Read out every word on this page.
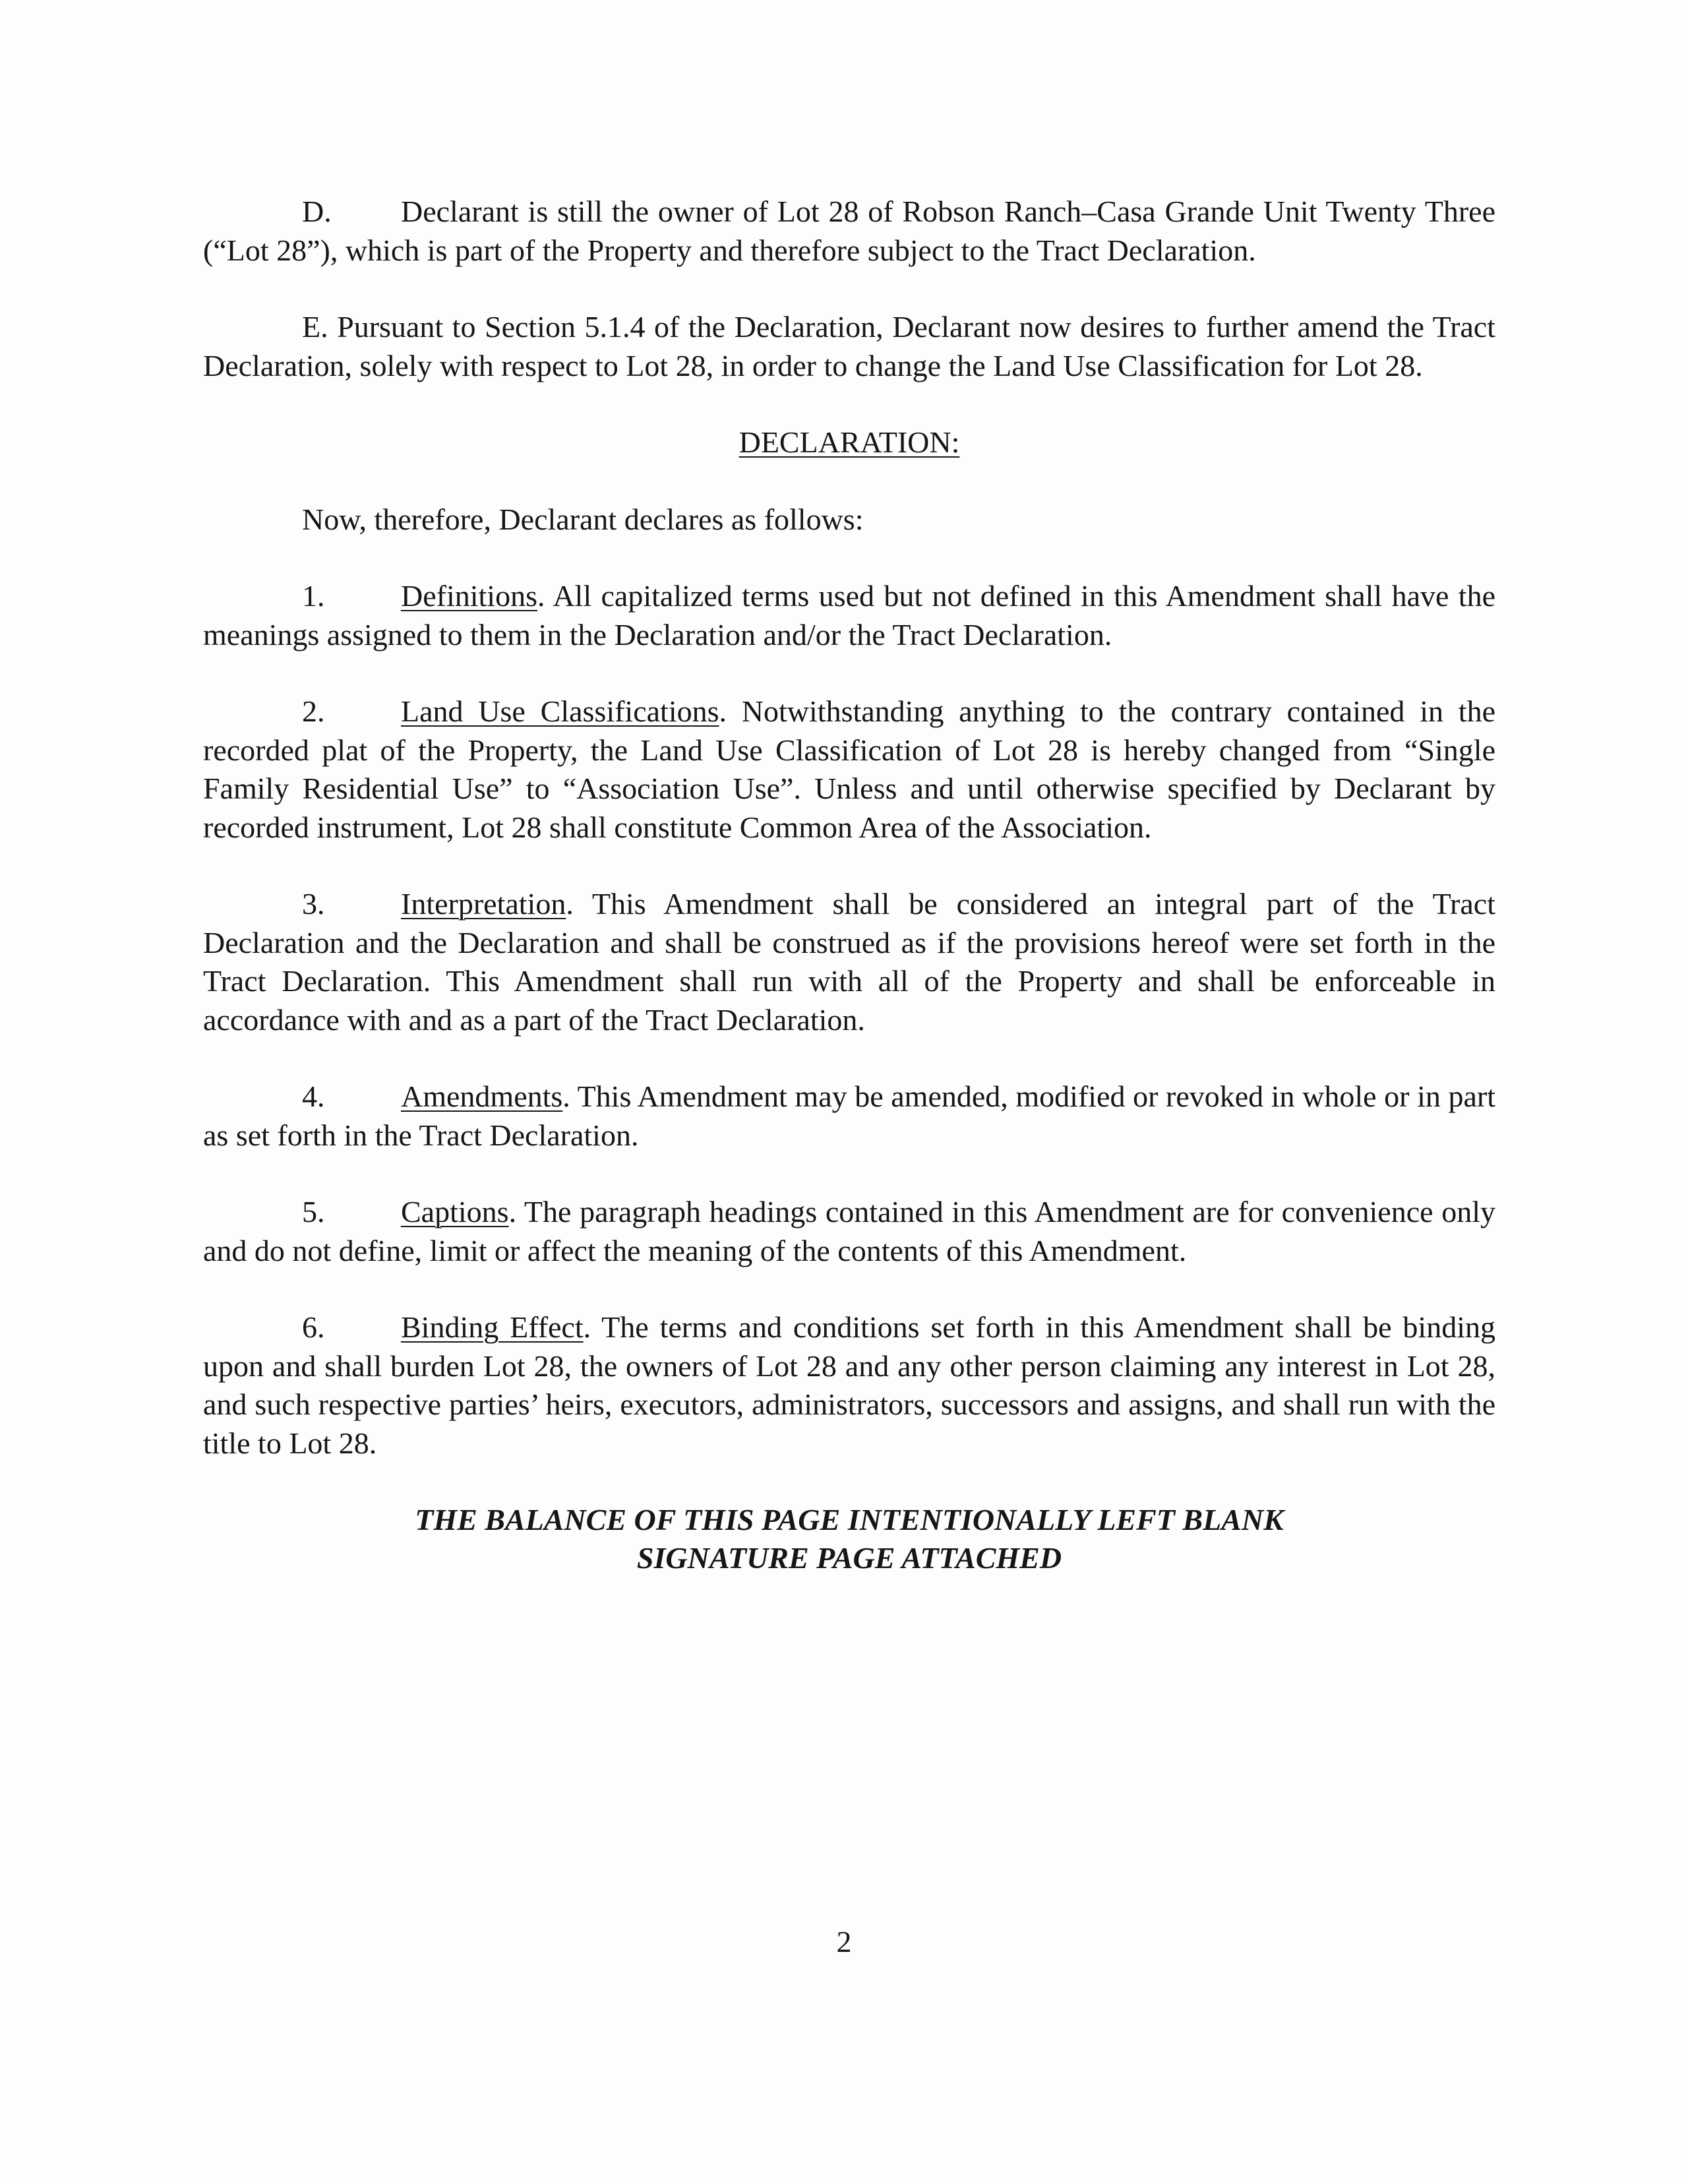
D. Declarant is still the owner of Lot 28 of Robson Ranch–Casa Grande Unit Twenty Three (“Lot 28”), which is part of the Property and therefore subject to the Tract Declaration.

E. Pursuant to Section 5.1.4 of the Declaration, Declarant now desires to further amend the Tract Declaration, solely with respect to Lot 28, in order to change the Land Use Classification for Lot 28.

DECLARATION:

Now, therefore, Declarant declares as follows:

1.	Definitions. All capitalized terms used but not defined in this Amendment shall have the meanings assigned to them in the Declaration and/or the Tract Declaration.

2.	Land Use Classifications. Notwithstanding anything to the contrary contained in the recorded plat of the Property, the Land Use Classification of Lot 28 is hereby changed from “Single Family Residential Use” to “Association Use”. Unless and until otherwise specified by Declarant by recorded instrument, Lot 28 shall constitute Common Area of the Association.

3.	Interpretation. This Amendment shall be considered an integral part of the Tract Declaration and the Declaration and shall be construed as if the provisions hereof were set forth in the Tract Declaration. This Amendment shall run with all of the Property and shall be enforceable in accordance with and as a part of the Tract Declaration.

4.	Amendments. This Amendment may be amended, modified or revoked in whole or in part as set forth in the Tract Declaration.

5.	Captions. The paragraph headings contained in this Amendment are for convenience only and do not define, limit or affect the meaning of the contents of this Amendment.

6.	Binding Effect. The terms and conditions set forth in this Amendment shall be binding upon and shall burden Lot 28, the owners of Lot 28 and any other person claiming any interest in Lot 28, and such respective parties’ heirs, executors, administrators, successors and assigns, and shall run with the title to Lot 28.

THE BALANCE OF THIS PAGE INTENTIONALLY LEFT BLANK
SIGNATURE PAGE ATTACHED

2
